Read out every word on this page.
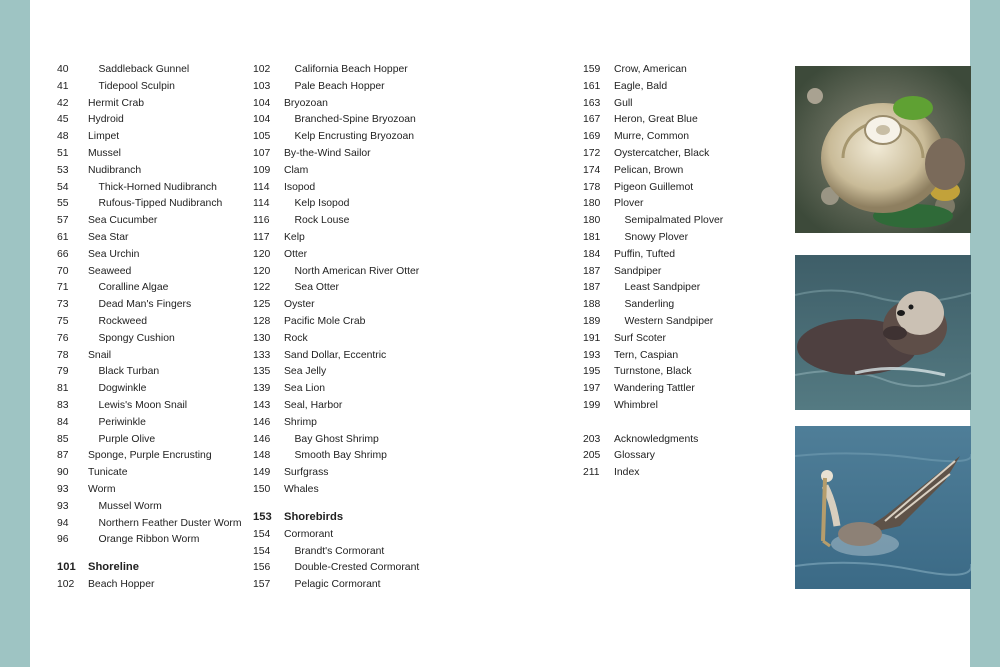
40	Saddleback Gunnel
41	Tidepool Sculpin
42	Hermit Crab
45	Hydroid
48	Limpet
51	Mussel
53	Nudibranch
54	Thick-Horned Nudibranch
55	Rufous-Tipped Nudibranch
57	Sea Cucumber
61	Sea Star
66	Sea Urchin
70	Seaweed
71	Coralline Algae
73	Dead Man's Fingers
75	Rockweed
76	Spongy Cushion
78	Snail
79	Black Turban
81	Dogwinkle
83	Lewis's Moon Snail
84	Periwinkle
85	Purple Olive
87	Sponge, Purple Encrusting
90	Tunicate
93	Worm
93	Mussel Worm
94	Northern Feather Duster Worm
96	Orange Ribbon Worm
101	Shoreline
102	Beach Hopper
102	California Beach Hopper
103	Pale Beach Hopper
104	Bryozoan
104	Branched-Spine Bryozoan
105	Kelp Encrusting Bryozoan
107	By-the-Wind Sailor
109	Clam
114	Isopod
114	Kelp Isopod
116	Rock Louse
117	Kelp
120	Otter
120	North American River Otter
122	Sea Otter
125	Oyster
128	Pacific Mole Crab
130	Rock
133	Sand Dollar, Eccentric
135	Sea Jelly
139	Sea Lion
143	Seal, Harbor
146	Shrimp
146	Bay Ghost Shrimp
148	Smooth Bay Shrimp
149	Surfgrass
150	Whales
153	Shorebirds
154	Cormorant
154	Brandt's Cormorant
156	Double-Crested Cormorant
157	Pelagic Cormorant
159	Crow, American
161	Eagle, Bald
163	Gull
167	Heron, Great Blue
169	Murre, Common
172	Oystercatcher, Black
174	Pelican, Brown
178	Pigeon Guillemot
180	Plover
180	Semipalmated Plover
181	Snowy Plover
184	Puffin, Tufted
187	Sandpiper
187	Least Sandpiper
188	Sanderling
189	Western Sandpiper
191	Surf Scoter
193	Tern, Caspian
195	Turnstone, Black
197	Wandering Tattler
199	Whimbrel
203	Acknowledgments
205	Glossary
211	Index
